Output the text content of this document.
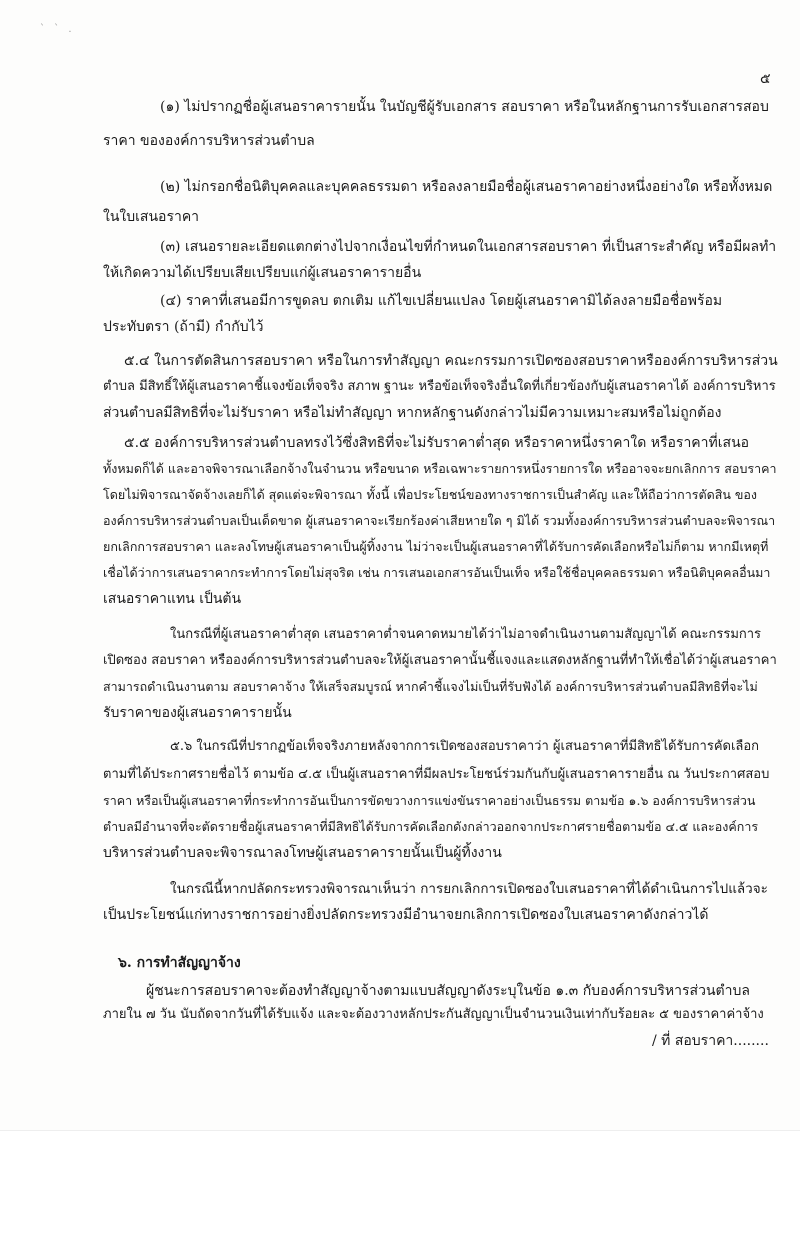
` ` .
๕
(๑) ไม่ปรากฏชื่อผู้เสนอราคารายนั้น ในบัญชีผู้รับเอกสาร สอบราคา หรือในหลักฐานการรับเอกสารสอบ
ราคา ขององค์การบริหารส่วนตำบล
(๒) ไม่กรอกชื่อนิติบุคคลและบุคคลธรรมดา หรือลงลายมือชื่อผู้เสนอราคาอย่างหนึ่งอย่างใด หรือทั้งหมด
ในใบเสนอราคา
(๓) เสนอรายละเอียดแตกต่างไปจากเงื่อนไขที่กำหนดในเอกสารสอบราคา ที่เป็นสาระสำคัญ หรือมีผลทำ
ให้เกิดความได้เปรียบเสียเปรียบแก่ผู้เสนอราคารายอื่น
(๔) ราคาที่เสนอมีการขูดลบ ตกเติม แก้ไขเปลี่ยนแปลง โดยผู้เสนอราคามิได้ลงลายมือชื่อพร้อม
ประทับตรา (ถ้ามี) กำกับไว้
๕.๔ ในการตัดสินการสอบราคา หรือในการทำสัญญา คณะกรรมการเปิดซองสอบราคาหรือองค์การบริหารส่วน
ตำบล มีสิทธิ์ให้ผู้เสนอราคาชี้แจงข้อเท็จจริง สภาพ ฐานะ หรือข้อเท็จจริงอื่นใดที่เกี่ยวข้องกับผู้เสนอราคาได้ องค์การบริหาร
ส่วนตำบลมีสิทธิที่จะไม่รับราคา หรือไม่ทำสัญญา หากหลักฐานดังกล่าวไม่มีความเหมาะสมหรือไม่ถูกต้อง
๕.๕ องค์การบริหารส่วนตำบลทรงไว้ซึ่งสิทธิที่จะไม่รับราคาต่ำสุด หรือราคาหนึ่งราคาใด หรือราคาที่เสนอ
ทั้งหมดก็ได้ และอาจพิจารณาเลือกจ้างในจำนวน หรือขนาด หรือเฉพาะรายการหนึ่งรายการใด หรืออาจจะยกเลิกการ สอบราคา
โดยไม่พิจารณาจัดจ้างเลยก็ได้ สุดแต่จะพิจารณา ทั้งนี้ เพื่อประโยชน์ของทางราชการเป็นสำคัญ และให้ถือว่าการตัดสิน ของ
องค์การบริหารส่วนตำบลเป็นเด็ดขาด ผู้เสนอราคาจะเรียกร้องค่าเสียหายใด ๆ มิได้ รวมทั้งองค์การบริหารส่วนตำบลจะพิจารณา
ยกเลิกการสอบราคา และลงโทษผู้เสนอราคาเป็นผู้ทิ้งงาน ไม่ว่าจะเป็นผู้เสนอราคาที่ได้รับการคัดเลือกหรือไม่ก็ตาม หากมีเหตุที่
เชื่อได้ว่าการเสนอราคากระทำการโดยไม่สุจริต เช่น การเสนอเอกสารอันเป็นเท็จ หรือใช้ชื่อบุคคลธรรมดา หรือนิติบุคคลอื่นมา
เสนอราคาแทน เป็นต้น
ในกรณีที่ผู้เสนอราคาต่ำสุด เสนอราคาต่ำจนคาดหมายได้ว่าไม่อาจดำเนินงานตามสัญญาได้ คณะกรรมการ
เปิดซอง สอบราคา หรือองค์การบริหารส่วนตำบลจะให้ผู้เสนอราคานั้นชี้แจงและแสดงหลักฐานที่ทำให้เชื่อได้ว่าผู้เสนอราคา
สามารถดำเนินงานตาม สอบราคาจ้าง ให้เสร็จสมบูรณ์ หากคำชี้แจงไม่เป็นที่รับฟังได้ องค์การบริหารส่วนตำบลมีสิทธิที่จะไม่
รับราคาของผู้เสนอราคารายนั้น
๕.๖ ในกรณีที่ปรากฏข้อเท็จจริงภายหลังจากการเปิดซองสอบราคาว่า ผู้เสนอราคาที่มีสิทธิได้รับการคัดเลือก
ตามที่ได้ประกาศรายชื่อไว้ ตามข้อ ๔.๕ เป็นผู้เสนอราคาที่มีผลประโยชน์ร่วมกันกับผู้เสนอราคารายอื่น ณ วันประกาศสอบ
ราคา หรือเป็นผู้เสนอราคาที่กระทำการอันเป็นการขัดขวางการแข่งขันราคาอย่างเป็นธรรม ตามข้อ ๑.๖ องค์การบริหารส่วน
ตำบลมีอำนาจที่จะตัดรายชื่อผู้เสนอราคาที่มีสิทธิได้รับการคัดเลือกดังกล่าวออกจากประกาศรายชื่อตามข้อ ๔.๕ และองค์การ
บริหารส่วนตำบลจะพิจารณาลงโทษผู้เสนอราคารายนั้นเป็นผู้ทิ้งงาน
ในกรณีนี้หากปลัดกระทรวงพิจารณาเห็นว่า การยกเลิกการเปิดซองใบเสนอราคาที่ได้ดำเนินการไปแล้วจะ
เป็นประโยชน์แก่ทางราชการอย่างยิ่งปลัดกระทรวงมีอำนาจยกเลิกการเปิดซองใบเสนอราคาดังกล่าวได้
๖. การทำสัญญาจ้าง
ผู้ชนะการสอบราคาจะต้องทำสัญญาจ้างตามแบบสัญญาดังระบุในข้อ ๑.๓ กับองค์การบริหารส่วนตำบล
ภายใน ๗ วัน นับถัดจากวันที่ได้รับแจ้ง และจะต้องวางหลักประกันสัญญาเป็นจำนวนเงินเท่ากับร้อยละ ๕ ของราคาค่าจ้าง
/ ที่ สอบราคา........
